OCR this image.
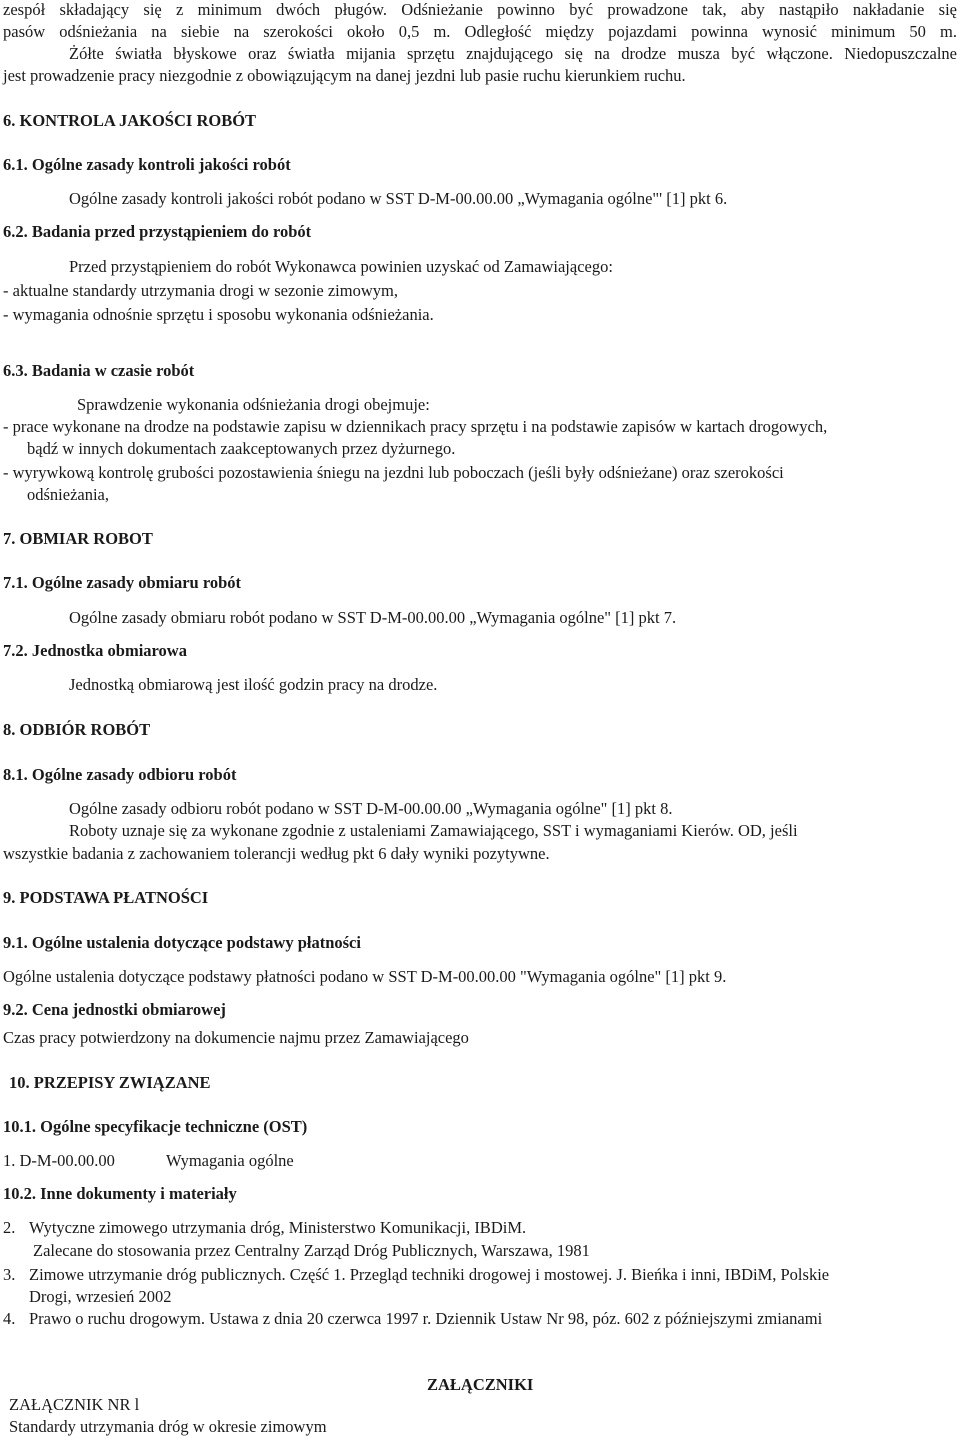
zespół składający się z minimum dwóch pługów. Odśnieżanie powinno być prowadzone tak, aby nastąpiło nakładanie się
pasów odśnieżania na siebie na szerokości około 0,5 m. Odległość między pojazdami powinna wynosić minimum 50 m.
Żółte światła błyskowe oraz światła mijania sprzętu znajdującego się na drodze musza być włączone. Niedopuszczalne
jest prowadzenie pracy niezgodnie z obowiązującym na danej jezdni lub pasie ruchu kierunkiem ruchu.
6. KONTROLA JAKOŚCI ROBÓT
6.1. Ogólne zasady kontroli jakości robót
Ogólne zasady kontroli jakości robót podano w SST D-M-00.00.00 „Wymagania ogólne"' [1] pkt 6.
6.2. Badania przed przystąpieniem do robót
Przed przystąpieniem do robót Wykonawca powinien uzyskać od Zamawiającego:
- aktualne standardy utrzymania drogi w sezonie zimowym,
- wymagania odnośnie sprzętu i sposobu wykonania odśnieżania.
6.3. Badania w czasie robót
Sprawdzenie wykonania odśnieżania drogi obejmuje:
- prace wykonane na drodze na podstawie zapisu w dziennikach pracy sprzętu i na podstawie zapisów w kartach drogowych,
bądź w innych dokumentach zaakceptowanych przez dyżurnego.
- wyrywkową kontrolę grubości pozostawienia śniegu na jezdni lub poboczach (jeśli były odśnieżane) oraz szerokości
odśnieżania,
7. OBMIAR ROBOT
7.1. Ogólne zasady obmiaru robót
Ogólne zasady obmiaru robót podano w SST D-M-00.00.00 „Wymagania ogólne" [1] pkt 7.
7.2. Jednostka obmiarowa
Jednostką obmiarową jest ilość godzin pracy na drodze.
8. ODBIÓR ROBÓT
8.1. Ogólne zasady odbioru robót
Ogólne zasady odbioru robót podano w SST D-M-00.00.00 „Wymagania ogólne" [1] pkt 8.
Roboty uznaje się za wykonane zgodnie z ustaleniami Zamawiającego, SST i wymaganiami Kierów. OD, jeśli
wszystkie badania z zachowaniem tolerancji według pkt 6 dały wyniki pozytywne.
9. PODSTAWA PŁATNOŚCI
9.1. Ogólne ustalenia dotyczące podstawy płatności
Ogólne ustalenia dotyczące podstawy płatności podano w SST D-M-00.00.00 "Wymagania ogólne" [1] pkt 9.
9.2. Cena jednostki obmiarowej
Czas pracy potwierdzony na dokumencie najmu przez Zamawiającego
10. PRZEPISY ZWIĄZANE
10.1. Ogólne specyfikacje techniczne (OST)
1. D-M-00.00.00	Wymagania ogólne
10.2. Inne dokumenty i materiały
2. Wytyczne zimowego utrzymania dróg, Ministerstwo Komunikacji, IBDiM.
Zalecane do stosowania przez Centralny Zarząd Dróg Publicznych, Warszawa, 1981
3. Zimowe utrzymanie dróg publicznych. Część 1. Przegląd techniki drogowej i mostowej. J. Bieńka i inni, IBDiM, Polskie
Drogi, wrzesień 2002
4. Prawo o ruchu drogowym. Ustawa z dnia 20 czerwca 1997 r. Dziennik Ustaw Nr 98, póz. 602 z późniejszymi zmianami
ZAŁĄCZNIKI
ZAŁĄCZNIK NR l
Standardy utrzymania dróg w okresie zimowym
